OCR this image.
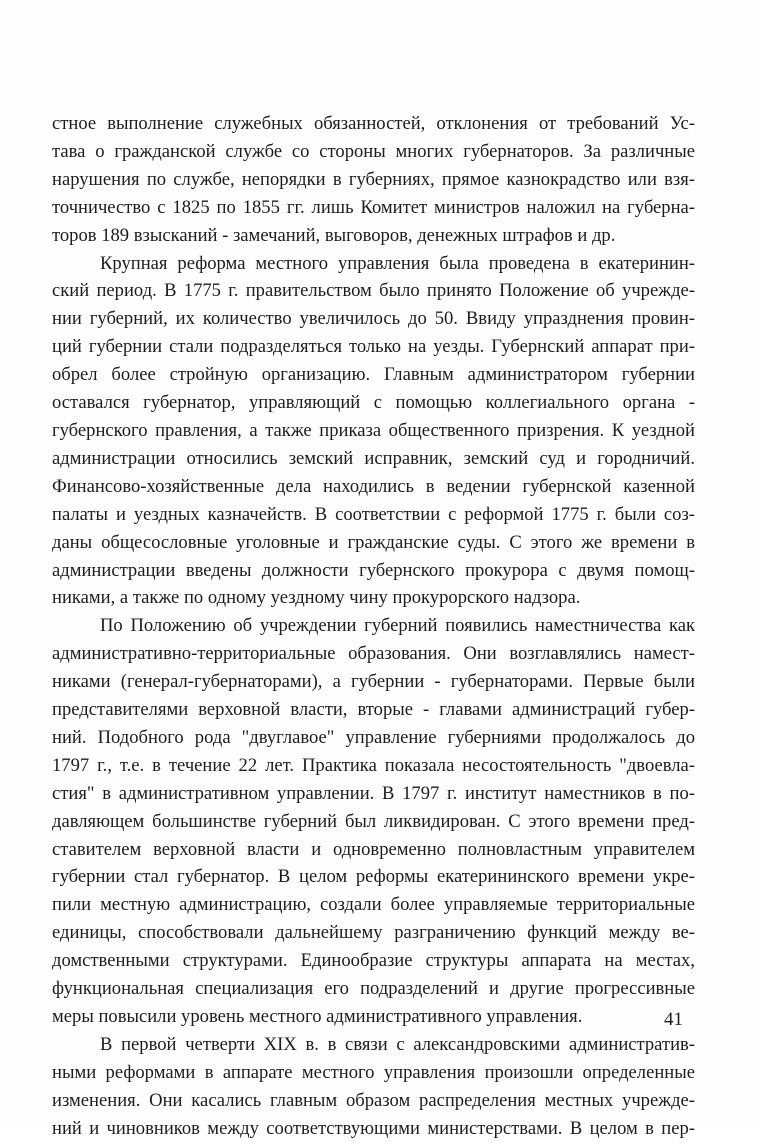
стное выполнение служебных обязанностей, отклонения от требований Ус-
тава о гражданской службе со стороны многих губернаторов. За различные
нарушения по службе, непорядки в губерниях, прямое казнокрадство или взя-
точничество с 1825 по 1855 гг. лишь Комитет министров наложил на губерна-
торов 189 взысканий - замечаний, выговоров, денежных штрафов и др.
Крупная реформа местного управления была проведена в екатеринин-
ский период. В 1775 г. правительством было принято Положение об учрежде-
нии губерний, их количество увеличилось до 50. Ввиду упразднения провин-
ций губернии стали подразделяться только на уезды. Губернский аппарат при-
обрел более стройную организацию. Главным администратором губернии
оставался губернатор, управляющий с помощью коллегиального органа -
губернского правления, а также приказа общественного призрения. К уездной
администрации относились земский исправник, земский суд и городничий.
Финансово-хозяйственные дела находились в ведении губернской казенной
палаты и уездных казначейств. В соответствии с реформой 1775 г. были соз-
даны общесословные уголовные и гражданские суды. С этого же времени в
администрации введены должности губернского прокурора с двумя помощ-
никами, а также по одному уездному чину прокурорского надзора.
По Положению об учреждении губерний появились наместничества как
административно-территориальные образования. Они возглавлялись намест-
никами (генерал-губернаторами), а губернии - губернаторами. Первые были
представителями верховной власти, вторые - главами администраций губер-
ний. Подобного рода "двуглавое" управление губерниями продолжалось до
1797 г., т.е. в течение 22 лет. Практика показала несостоятельность "двоевла-
стия" в административном управлении. В 1797 г. институт наместников в по-
давляющем большинстве губерний был ликвидирован. С этого времени пред-
ставителем верховной власти и одновременно полновластным управителем
губернии стал губернатор. В целом реформы екатерининского времени укре-
пили местную администрацию, создали более управляемые территориальные
единицы, способствовали дальнейшему разграничению функций между ве-
домственными структурами. Единообразие структуры аппарата на местах,
функциональная специализация его подразделений и другие прогрессивные
меры повысили уровень местного административного управления.
В первой четверти XIX в. в связи с александровскими административ-
ными реформами в аппарате местного управления произошли определенные
изменения. Они касались главным образом распределения местных учрежде-
ний и чиновников между соответствующими министерствами. В целом в пер-
41
